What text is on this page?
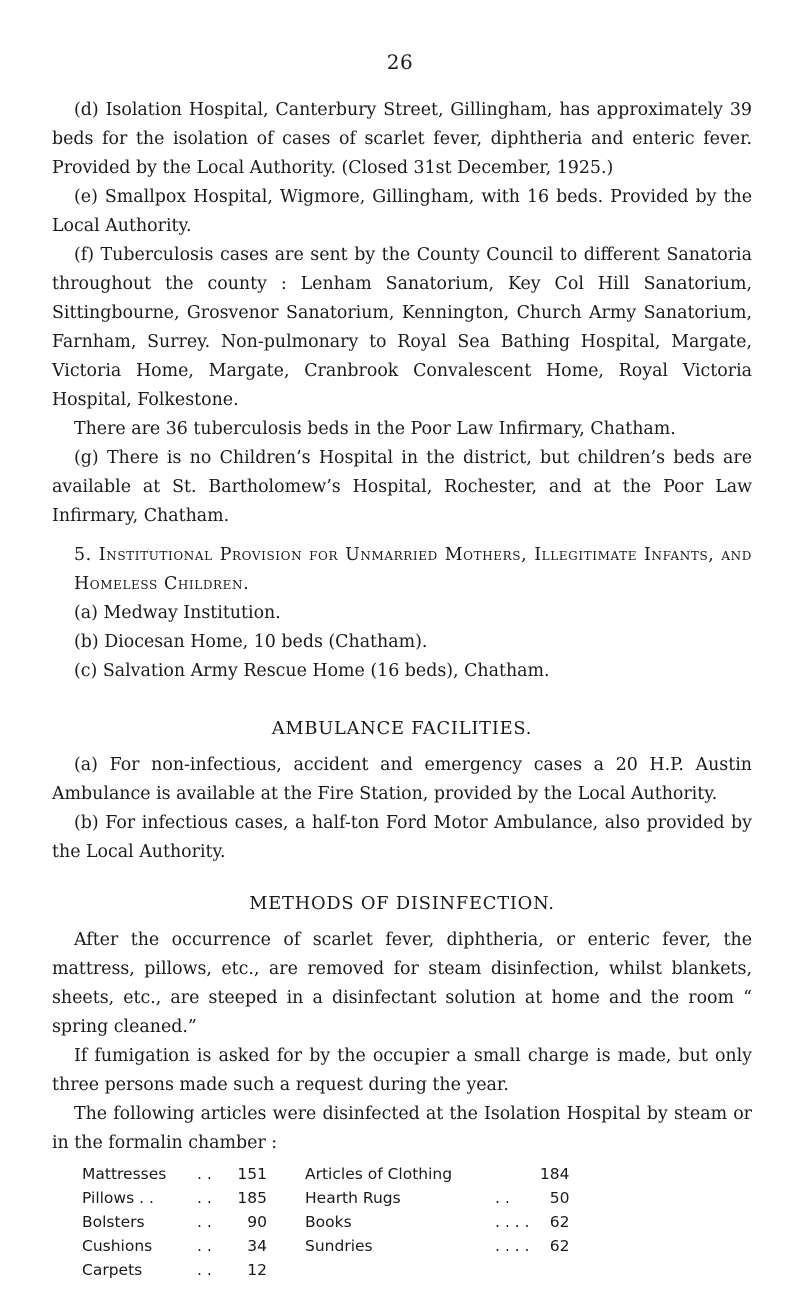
26

(d) Isolation Hospital, Canterbury Street, Gillingham, has approximately 39 beds for the isolation of cases of scarlet fever, diphtheria and enteric fever. Provided by the Local Authority. (Closed 31st December, 1925.)

(e) Smallpox Hospital, Wigmore, Gillingham, with 16 beds. Provided by the Local Authority.

(f) Tuberculosis cases are sent by the County Council to different Sanatoria throughout the county : Lenham Sanatorium, Key Col Hill Sanatorium, Sittingbourne, Grosvenor Sanatorium, Kennington, Church Army Sanatorium, Farnham, Surrey. Non-pulmonary to Royal Sea Bathing Hospital, Margate, Victoria Home, Margate, Cranbrook Convalescent Home, Royal Victoria Hospital, Folkestone.

There are 36 tuberculosis beds in the Poor Law Infirmary, Chatham.

(g) There is no Children’s Hospital in the district, but children’s beds are available at St. Bartholomew’s Hospital, Rochester, and at the Poor Law Infirmary, Chatham.

5. Institutional Provision for Unmarried Mothers, Illegitimate Infants, and Homeless Children.

(a) Medway Institution.

(b) Diocesan Home, 10 beds (Chatham).

(c) Salvation Army Rescue Home (16 beds), Chatham.

AMBULANCE FACILITIES.

(a) For non-infectious, accident and emergency cases a 20 H.P. Austin Ambulance is available at the Fire Station, provided by the Local Authority.

(b) For infectious cases, a half-ton Ford Motor Ambulance, also provided by the Local Authority.

METHODS OF DISINFECTION.

After the occurrence of scarlet fever, diphtheria, or enteric fever, the mattress, pillows, etc., are removed for steam disinfection, whilst blankets, sheets, etc., are steeped in a disinfectant solution at home and the room “ spring cleaned.”

If fumigation is asked for by the occupier a small charge is made, but only three persons made such a request during the year.

The following articles were disinfected at the Isolation Hospital by steam or in the formalin chamber :

Mattresses	. .	151		Articles of Clothing		184
Pillows . .	. .	185		Hearth Rugs	. .	50
Bolsters	. .	90		Books	. . . .	62
Cushions	. .	34		Sundries	. . . .	62
Carpets	. .	12				
